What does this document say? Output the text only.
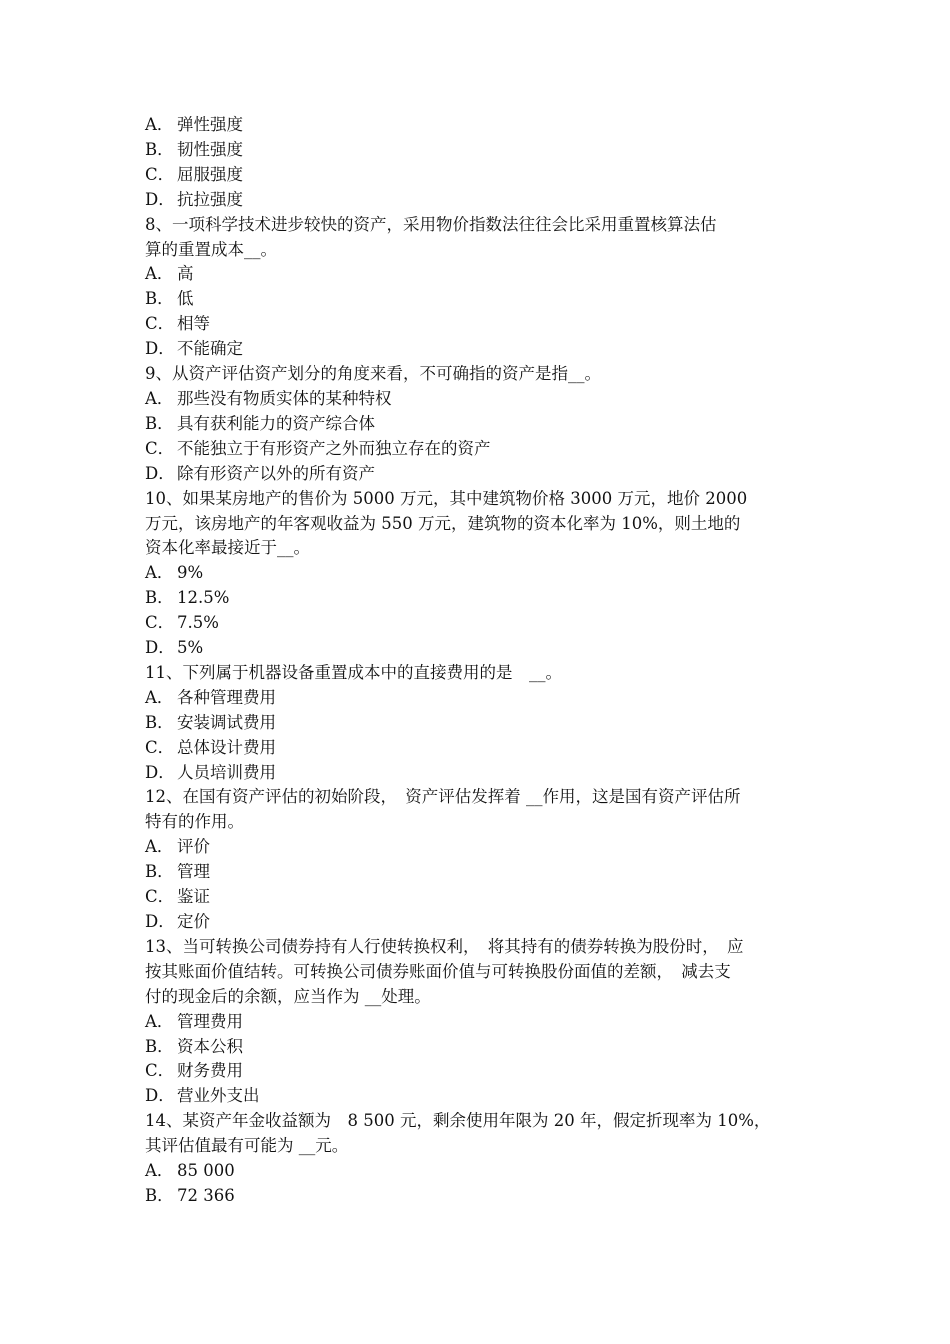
A． 弹性强度
B． 韧性强度
C． 屈服强度
D． 抗拉强度
8、一项科学技术进步较快的资产，采用物价指数法往往会比采用重置核算法估
算的重置成本__。
A． 高
B． 低
C． 相等
D． 不能确定
9、从资产评估资产划分的角度来看，不可确指的资产是指__。
A． 那些没有物质实体的某种特权
B． 具有获利能力的资产综合体
C． 不能独立于有形资产之外而独立存在的资产
D． 除有形资产以外的所有资产
10、如果某房地产的售价为 5000 万元，其中建筑物价格 3000 万元，地价 2000
万元，该房地产的年客观收益为 550 万元，建筑物的资本化率为 10%，则土地的
资本化率最接近于__。
A． 9%
B． 12.5%
C． 7.5%
D． 5%
11、下列属于机器设备重置成本中的直接费用的是　__。
A． 各种管理费用
B． 安装调试费用
C． 总体设计费用
D． 人员培训费用
12、在国有资产评估的初始阶段，　资产评估发挥着 __作用，这是国有资产评估所
特有的作用。
A． 评价
B． 管理
C． 鉴证
D． 定价
13、当可转换公司债券持有人行使转换权利，　将其持有的债券转换为股份时，　应
按其账面价值结转。可转换公司债券账面价值与可转换股份面值的差额，　减去支
付的现金后的余额，应当作为 __处理。
A． 管理费用
B． 资本公积
C． 财务费用
D． 营业外支出
14、某资产年金收益额为　8 500 元，剩余使用年限为 20 年，假定折现率为 10%，
其评估值最有可能为 __元。
A． 85 000
B． 72 366
